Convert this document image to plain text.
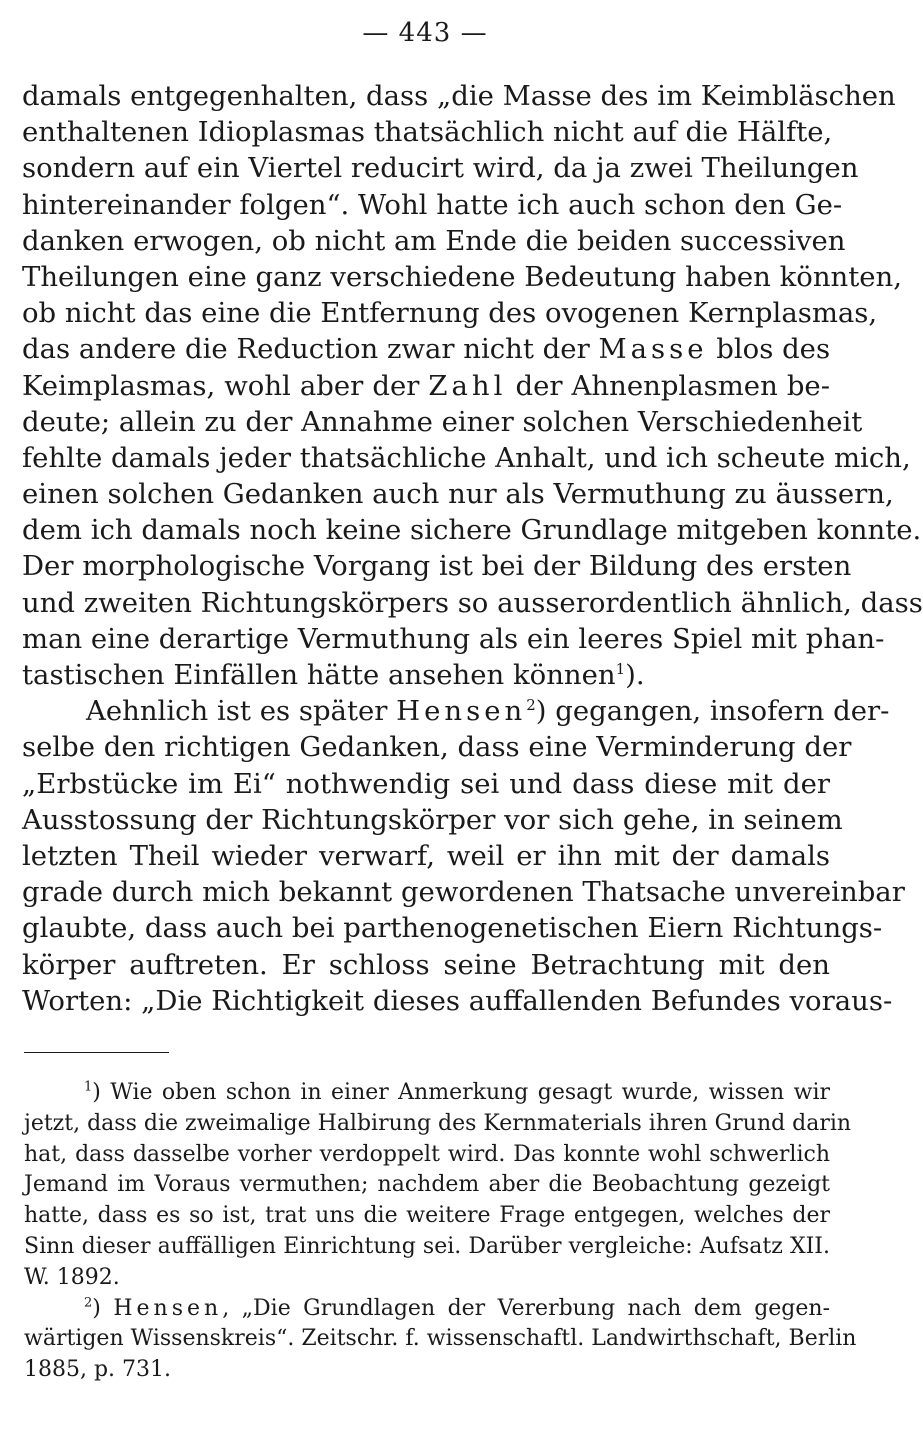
— 443 —
damals entgegenhalten, dass „die Masse des im Keimbläschen
enthaltenen Idioplasmas thatsächlich nicht auf die Hälfte,
sondern auf ein Viertel reducirt wird, da ja zwei Theilungen
hintereinander folgen“. Wohl hatte ich auch schon den Ge-
danken erwogen, ob nicht am Ende die beiden successiven
Theilungen eine ganz verschiedene Bedeutung haben könnten,
ob nicht das eine die Entfernung des ovogenen Kernplasmas,
das andere die Reduction zwar nicht der Masse blos des
Keimplasmas, wohl aber der Zahl der Ahnenplasmen be-
deute; allein zu der Annahme einer solchen Verschiedenheit
fehlte damals jeder thatsächliche Anhalt, und ich scheute mich,
einen solchen Gedanken auch nur als Vermuthung zu äussern,
dem ich damals noch keine sichere Grundlage mitgeben konnte.
Der morphologische Vorgang ist bei der Bildung des ersten
und zweiten Richtungskörpers so ausserordentlich ähnlich, dass
man eine derartige Vermuthung als ein leeres Spiel mit phan-
tastischen Einfällen hätte ansehen können$^1$).
Aehnlich ist es später Hensen$^2$) gegangen, insofern der-
selbe den richtigen Gedanken, dass eine Verminderung der
„Erbstücke im Ei“ nothwendig sei und dass diese mit der
Ausstossung der Richtungskörper vor sich gehe, in seinem
letzten Theil wieder verwarf, weil er ihn mit der damals
grade durch mich bekannt gewordenen Thatsache unvereinbar
glaubte, dass auch bei parthenogenetischen Eiern Richtungs-
körper auftreten. Er schloss seine Betrachtung mit den
Worten: „Die Richtigkeit dieses auffallenden Befundes voraus-
$^1$) Wie oben schon in einer Anmerkung gesagt wurde, wissen wir
jetzt, dass die zweimalige Halbirung des Kernmaterials ihren Grund darin
hat, dass dasselbe vorher verdoppelt wird. Das konnte wohl schwerlich
Jemand im Voraus vermuthen; nachdem aber die Beobachtung gezeigt
hatte, dass es so ist, trat uns die weitere Frage entgegen, welches der
Sinn dieser auffälligen Einrichtung sei. Darüber vergleiche: Aufsatz XII.
W. 1892.
$^2$) Hensen, „Die Grundlagen der Vererbung nach dem gegen-
wärtigen Wissenskreis“. Zeitschr. f. wissenschaftl. Landwirthschaft, Berlin
1885, p. 731.
